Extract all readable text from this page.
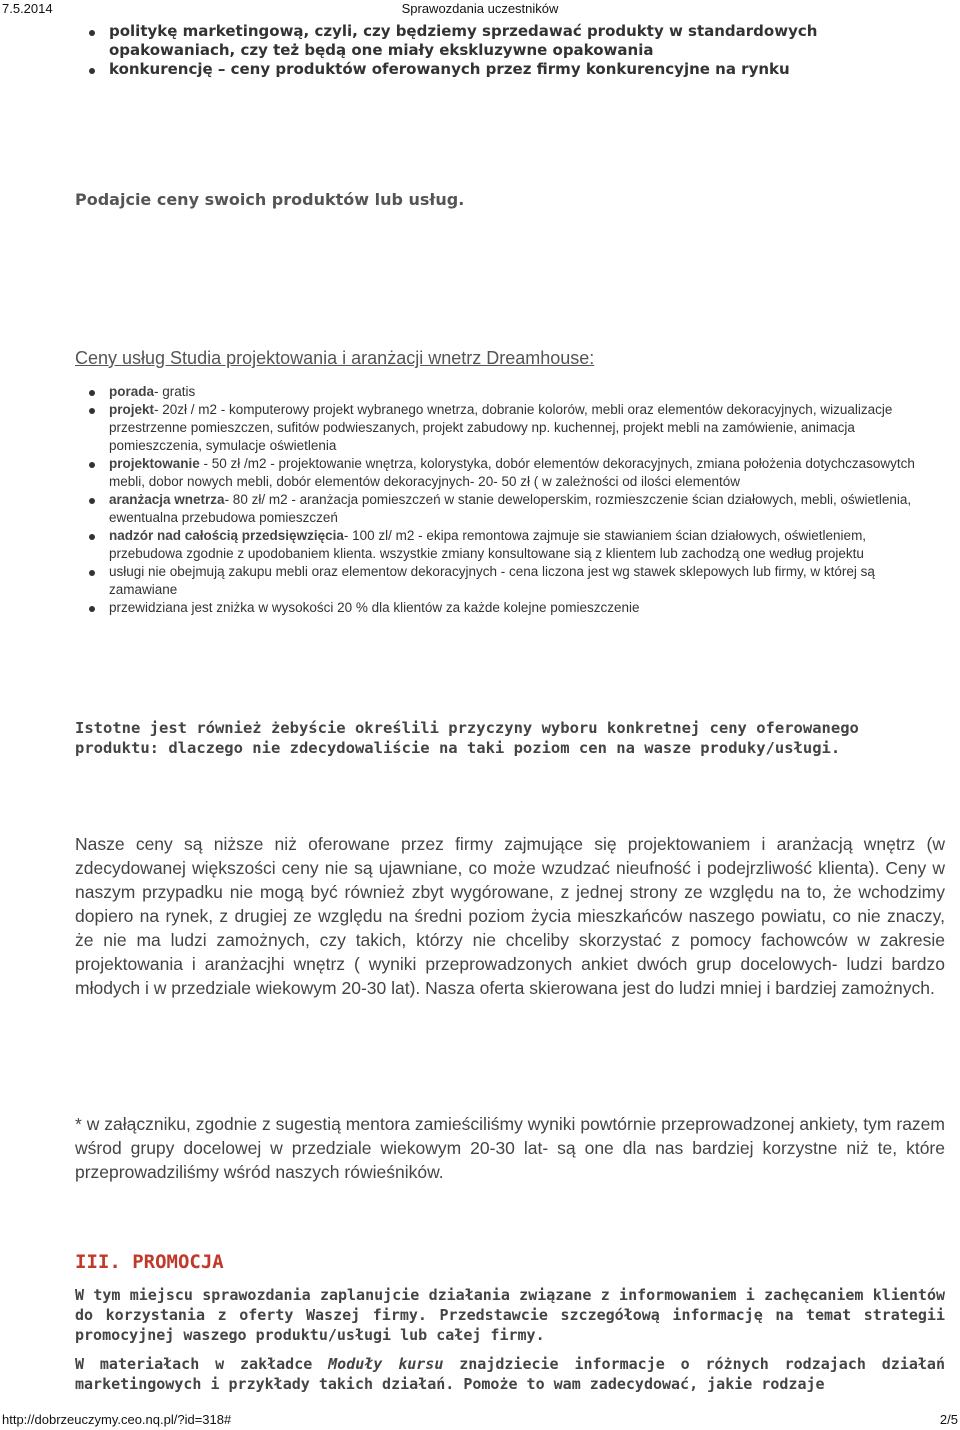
7.5.2014	Sprawozdania uczestników
politykę marketingową, czyli, czy będziemy sprzedawać produkty w standardowych opakowaniach, czy też będą one miały ekskluzywne opakowania
konkurencję – ceny produktów oferowanych przez firmy konkurencyjne na rynku
Podajcie ceny swoich produktów lub usług.
Ceny usług Studia projektowania i aranżacji wnetrz Dreamhouse:
porada- gratis
projekt- 20zł / m2 - komputerowy projekt wybranego wnetrza, dobranie kolorów, mebli oraz elementów dekoracyjnych, wizualizacje przestrzenne pomieszczen, sufitów podwieszanych, projekt zabudowy np. kuchennej, projekt mebli na zamówienie, animacja pomieszczenia, symulacje oświetlenia
projektowanie - 50 zł /m2 - projektowanie wnętrza, kolorystyka, dobór elementów dekoracyjnych, zmiana położenia dotychczasowytch mebli, dobor nowych mebli, dobór elementów dekoracyjnych- 20- 50 zł ( w zależności od ilości elementów
aranżacja wnetrza- 80 zł/ m2 - aranżacja pomieszczeń w stanie deweloperskim, rozmieszczenie ścian działowych, mebli, oświetlenia, ewentualna przebudowa pomieszczeń
nadzór nad całością przedsięwzięcia- 100 zl/ m2 - ekipa remontowa zajmuje sie stawianiem ścian działowych, oświetleniem, przebudowa zgodnie z upodobaniem klienta. wszystkie zmiany konsultowane sią z klientem lub zachodzą one według projektu
usługi nie obejmują zakupu mebli oraz elementow dekoracyjnych - cena liczona jest wg stawek sklepowych lub firmy, w której są zamawiane
przewidziana jest zniżka w wysokości 20 % dla klientów za każde kolejne pomieszczenie
Istotne jest również żebyście określili przyczyny wyboru konkretnej ceny oferowanego produktu: dlaczego nie zdecydowaliście na taki poziom cen na wasze produky/usługi.
Nasze ceny są niższe niż oferowane przez firmy zajmujące się projektowaniem i aranżacją wnętrz (w zdecydowanej większości ceny nie są ujawniane, co może wzudzać nieufność i podejrzliwość klienta). Ceny w naszym przypadku nie mogą być również zbyt wygórowane, z jednej strony ze względu na to, że wchodzimy dopiero na rynek, z drugiej ze względu na średni poziom życia mieszkańców naszego powiatu, co nie znaczy, że nie ma ludzi zamożnych, czy takich, którzy nie chceliby skorzystać z pomocy fachowców w zakresie projektowania i aranżacjhi wnętrz ( wyniki przeprowadzonych ankiet dwóch grup docelowych- ludzi bardzo młodych i w przedziale wiekowym 20-30 lat). Nasza oferta skierowana jest do ludzi mniej i bardziej zamożnych.
* w załączniku, zgodnie z sugestią mentora zamieściliśmy wyniki powtórnie przeprowadzonej ankiety, tym razem wśrod grupy docelowej w przedziale wiekowym 20-30 lat- są one dla nas bardziej korzystne niż te, które przeprowadziliśmy wśród naszych rówieśników.
III. PROMOCJA
W tym miejscu sprawozdania zaplanujcie działania związane z informowaniem i zachęcaniem klientów do korzystania z oferty Waszej firmy. Przedstawcie szczegółową informację na temat strategii promocyjnej waszego produktu/usługi lub całej firmy.
W materiałach w zakładce Moduły kursu znajdziecie informacje o różnych rodzajach działań marketingowych i przykłady takich działań. Pomoże to wam zadecydować, jakie rodzaje
http://dobrzeuczymy.ceo.nq.pl/?id=318#	2/5
